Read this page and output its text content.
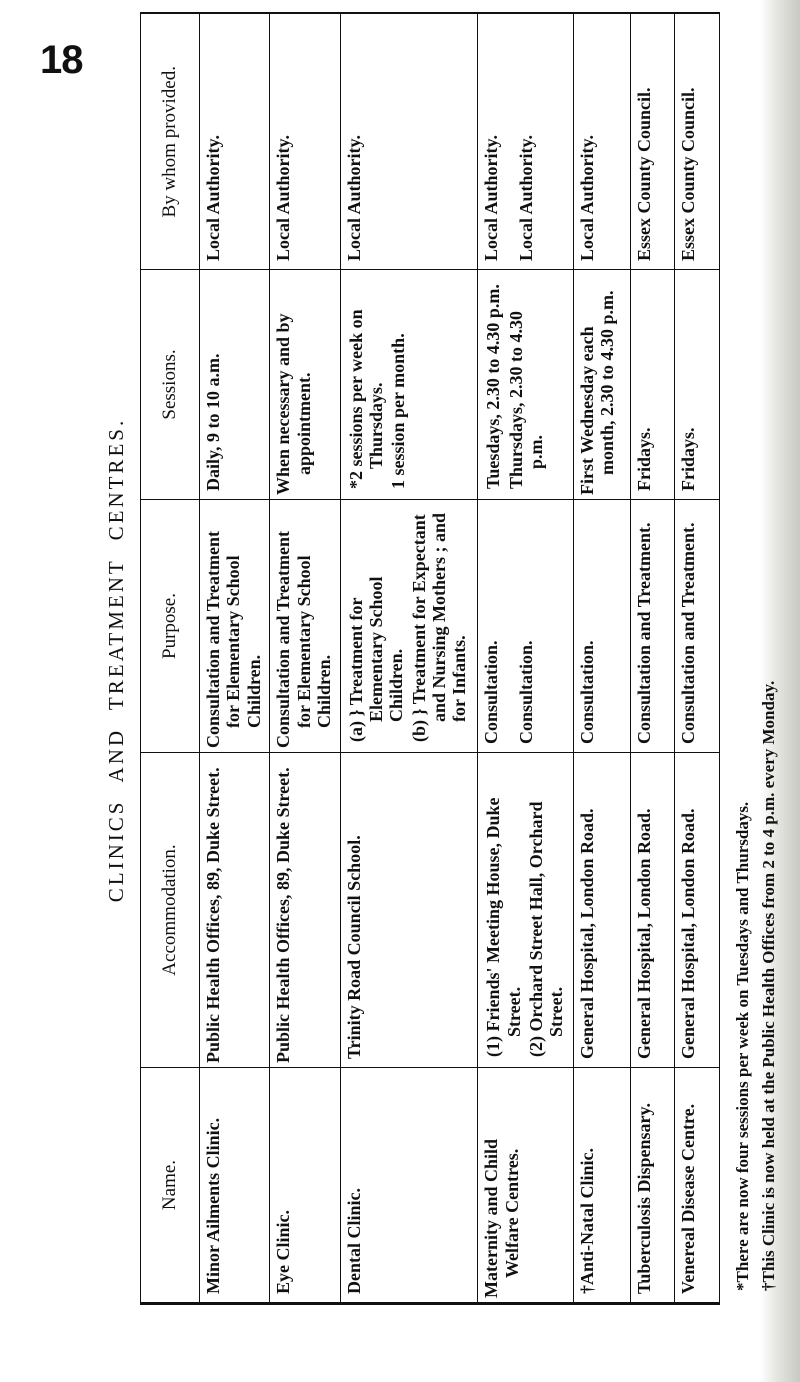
18
CLINICS AND TREATMENT CENTRES.
Name.	Accommodation.	Purpose.	Sessions.	By whom provided.
Minor Ailments Clinic.	Public Health Offices, 89, Duke Street.	Consultation and Treatment for Elementary School Children.	Daily, 9 to 10 a.m.	Local Authority.
Eye Clinic.	Public Health Offices, 89, Duke Street.	Consultation and Treatment for Elementary School Children.	When necessary and by appointment.	Local Authority.
Dental Clinic.	Trinity Road Council School.	(a) } Treatment for Elementary School Children. (b) } Treatment for Expectant and Nursing Mothers ; and for Infants.	*2 sessions per week on Thursdays. 1 session per month.	Local Authority.
Maternity and Child Welfare Centres.	(1) Friends' Meeting House, Duke Street. (2) Orchard Street Hall, Orchard Street.	Consultation. Consultation.	Tuesdays, 2.30 to 4.30 p.m. Thursdays, 2.30 to 4.30 p.m.	Local Authority. Local Authority.

†Anti-Natal Clinic.	General Hospital, London Road.	Consultation.	First Wednesday each month, 2.30 to 4.30 p.m.	Local Authority.
Tuberculosis Dispensary.	General Hospital, London Road.	Consultation and Treatment.	Fridays.	Essex County Council.
Venereal Disease Centre.	General Hospital, London Road.	Consultation and Treatment.	Fridays.	Essex County Council.
*There are now four sessions per week on Tuesdays and Thursdays. †This Clinic is now held at the Public Health Offices from 2 to 4 p.m. every Monday.
